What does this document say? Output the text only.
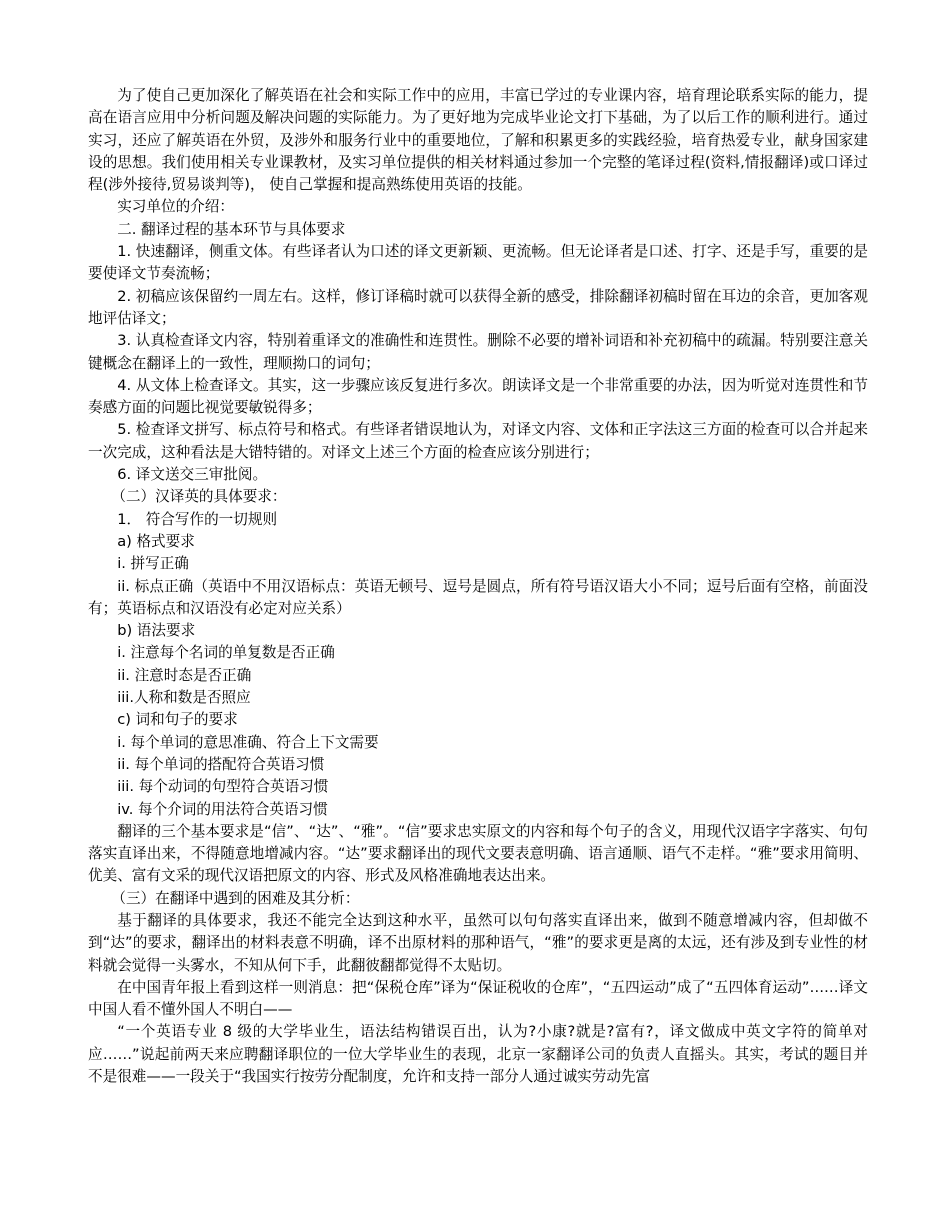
为了使自己更加深化了解英语在社会和实际工作中的应用，丰富已学过的专业课内容，培育理论联系实际的能力，提高在语言应用中分析问题及解决问题的实际能力。为了更好地为完成毕业论文打下基础，为了以后工作的顺利进行。通过实习，还应了解英语在外贸，及涉外和服务行业中的重要地位，了解和积累更多的实践经验，培育热爱专业，献身国家建设的思想。我们使用相关专业课教材，及实习单位提供的相关材料通过参加一个完整的笔译过程(资料,情报翻译)或口译过程(涉外接待,贸易谈判等)， 使自己掌握和提高熟练使用英语的技能。

实习单位的介绍：

二. 翻译过程的基本环节与具体要求

1. 快速翻译，侧重文体。有些译者认为口述的译文更新颖、更流畅。但无论译者是口述、打字、还是手写，重要的是要使译文节奏流畅；

2. 初稿应该保留约一周左右。这样，修订译稿时就可以获得全新的感受，排除翻译初稿时留在耳边的余音，更加客观地评估译文；

3. 认真检查译文内容，特别着重译文的准确性和连贯性。删除不必要的增补词语和补充初稿中的疏漏。特别要注意关键概念在翻译上的一致性，理顺拗口的词句；

4. 从文体上检查译文。其实，这一步骤应该反复进行多次。朗读译文是一个非常重要的办法，因为听觉对连贯性和节奏感方面的问题比视觉要敏锐得多；

5. 检查译文拼写、标点符号和格式。有些译者错误地认为，对译文内容、文体和正字法这三方面的检查可以合并起来一次完成，这种看法是大错特错的。对译文上述三个方面的检查应该分别进行；

6. 译文送交三审批阅。

（二）汉译英的具体要求：

1． 符合写作的一切规则

a) 格式要求

i. 拼写正确

ii. 标点正确（英语中不用汉语标点：英语无顿号、逗号是圆点，所有符号语汉语大小不同；逗号后面有空格，前面没有；英语标点和汉语没有必定对应关系）

b) 语法要求

i. 注意每个名词的单复数是否正确

ii. 注意时态是否正确

iii.人称和数是否照应

c) 词和句子的要求

i. 每个单词的意思准确、符合上下文需要

ii. 每个单词的搭配符合英语习惯

iii. 每个动词的句型符合英语习惯

iv. 每个介词的用法符合英语习惯

翻译的三个基本要求是“信”、“达”、“雅”。“信”要求忠实原文的内容和每个句子的含义，用现代汉语字字落实、句句落实直译出来，不得随意地增减内容。“达”要求翻译出的现代文要表意明确、语言通顺、语气不走样。“雅”要求用简明、优美、富有文采的现代汉语把原文的内容、形式及风格准确地表达出来。

（三）在翻译中遇到的困难及其分析：

基于翻译的具体要求，我还不能完全达到这种水平，虽然可以句句落实直译出来，做到不随意增减内容，但却做不到“达”的要求，翻译出的材料表意不明确，译不出原材料的那种语气，“雅”的要求更是离的太远，还有涉及到专业性的材料就会觉得一头雾水，不知从何下手，此翻彼翻都觉得不太贴切。

在中国青年报上看到这样一则消息：把“保税仓库”译为“保证税收的仓库”，“五四运动”成了“五四体育运动”……译文中国人看不懂外国人不明白——

“一个英语专业 8 级的大学毕业生，语法结构错误百出，认为?小康?就是?富有?，译文做成中英文字符的简单对应……”说起前两天来应聘翻译职位的一位大学毕业生的表现，北京一家翻译公司的负责人直摇头。其实，考试的题目并不是很难——一段关于“我国实行按劳分配制度，允许和支持一部分人通过诚实劳动先富
